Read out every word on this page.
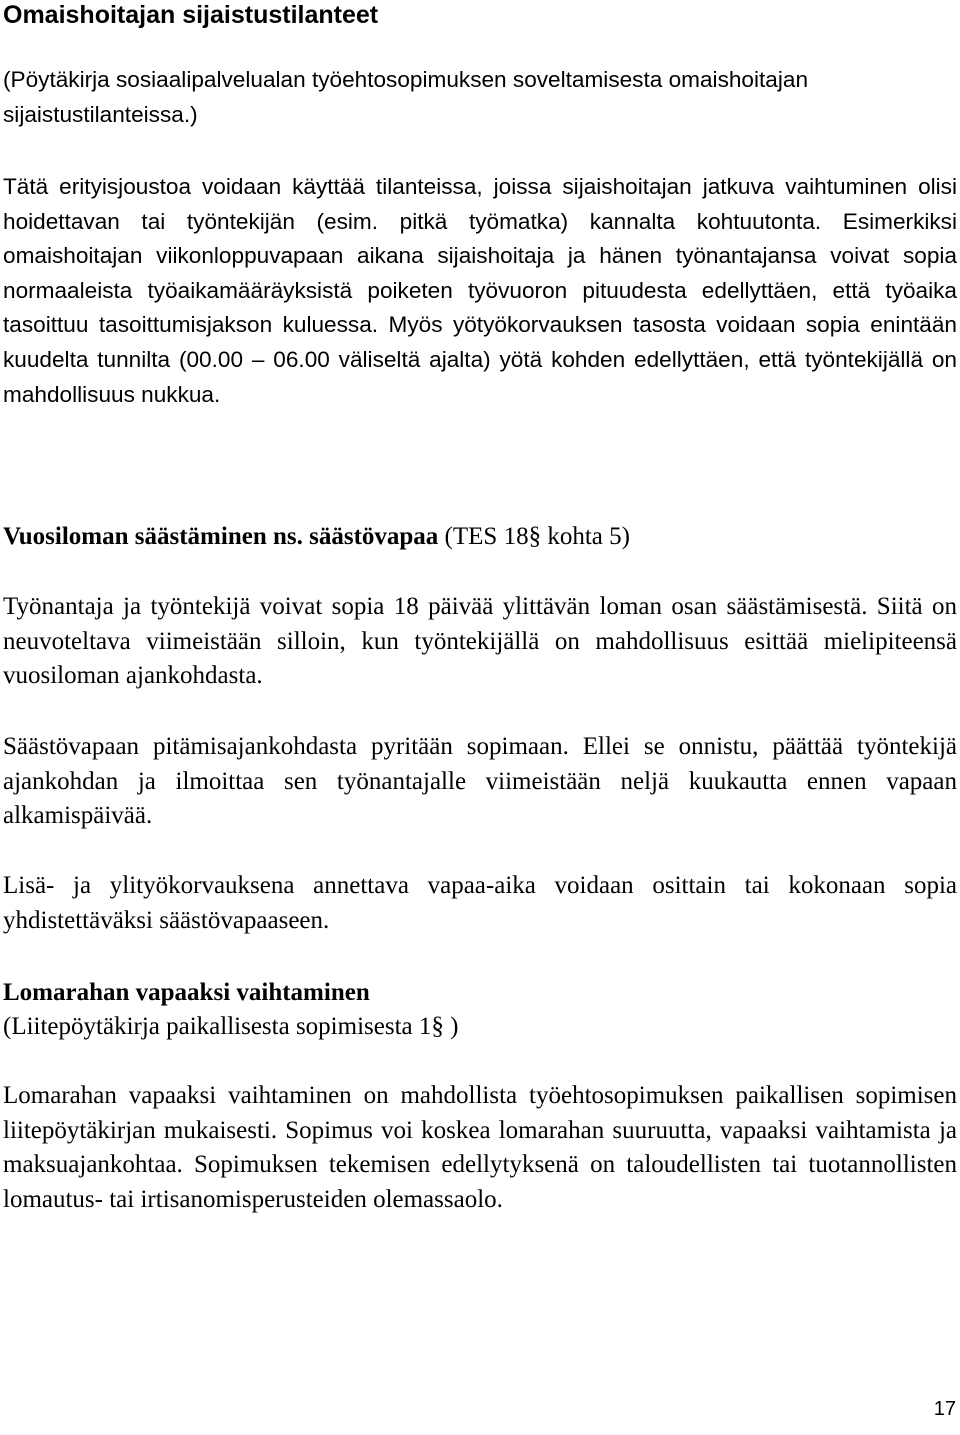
Omaishoitajan sijaistustilanteet

(Pöytäkirja sosiaalipalvelualan työehtosopimuksen soveltamisesta omaishoitajan sijaistustilanteissa.)

Tätä erityisjoustoa voidaan käyttää tilanteissa, joissa sijaishoitajan jatkuva vaihtuminen olisi hoidettavan tai työntekijän (esim. pitkä työmatka) kannalta kohtuutonta. Esimerkiksi omaishoitajan viikonloppuvapaan aikana sijaishoitaja ja hänen työnantajansa voivat sopia normaaleista työaikamääräyksistä poiketen työvuoron pituudesta edellyttäen, että työaika tasoittuu tasoittumisjakson kuluessa. Myös yötyökorvauksen tasosta voidaan sopia enintään kuudelta tunnilta (00.00 – 06.00 väliseltä ajalta) yötä kohden edellyttäen, että työntekijällä on mahdollisuus nukkua.

Vuosiloman säästäminen ns. säästövapaa (TES 18§ kohta 5)

Työnantaja ja työntekijä voivat sopia 18 päivää ylittävän loman osan säästämisestä. Siitä on neuvoteltava viimeistään silloin, kun työntekijällä on mahdollisuus esittää mielipiteensä vuosiloman ajankohdasta.

Säästövapaan pitämisajankohdasta pyritään sopimaan. Ellei se onnistu, päättää työntekijä ajankohdan ja ilmoittaa sen työnantajalle viimeistään neljä kuukautta ennen vapaan alkamispäivää.

Lisä- ja ylityökorvauksena annettava vapaa-aika voidaan osittain tai kokonaan sopia yhdistettäväksi säästövapaaseen.

Lomarahan vapaaksi vaihtaminen
(Liitepöytäkirja paikallisesta sopimisesta 1§ )

Lomarahan vapaaksi vaihtaminen on mahdollista työehtosopimuksen paikallisen sopimisen liitepöytäkirjan mukaisesti. Sopimus voi koskea lomarahan suuruutta, vapaaksi vaihtamista ja maksuajankohtaa. Sopimuksen tekemisen edellytyksenä on taloudellisten tai tuotannollisten lomautus- tai irtisanomisperusteiden olemassaolo.

17
